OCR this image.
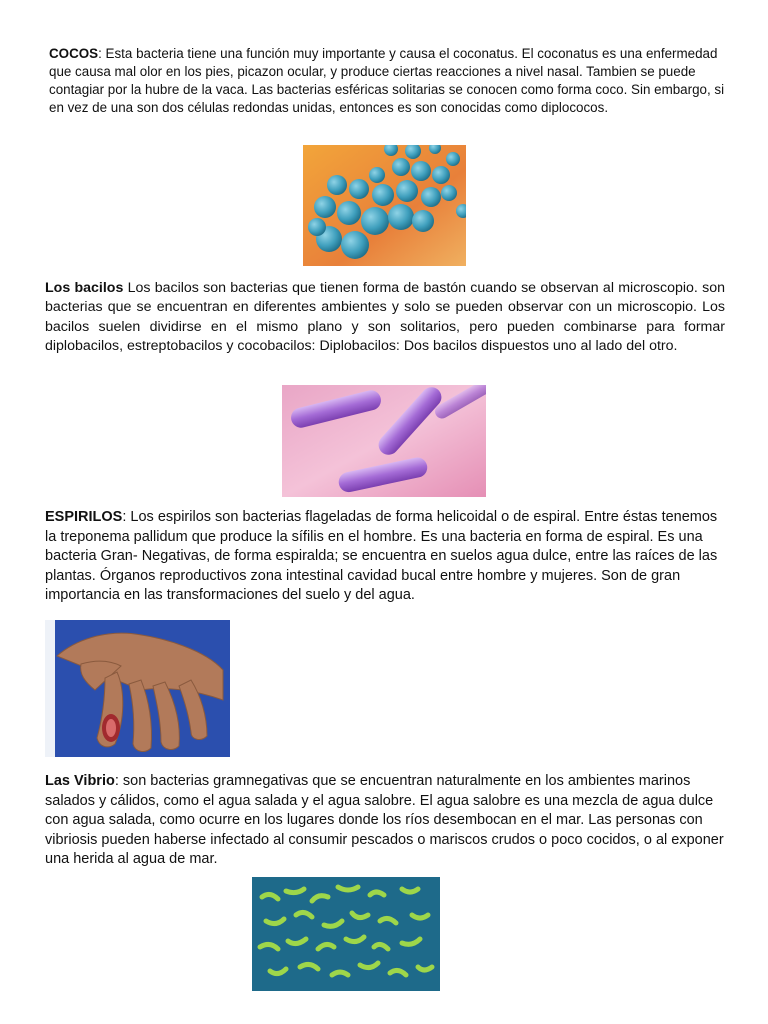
COCOS: Esta bacteria tiene una función muy importante y causa el coconatus. El coconatus es una enfermedad que causa mal olor en los pies, picazon ocular, y produce ciertas reacciones a nivel nasal. Tambien se puede contagiar por la hubre de la vaca. Las bacterias esféricas solitarias se conocen como forma coco. Sin embargo, si en vez de una son dos células redondas unidas, entonces es son conocidas como diplococos.

Los bacilos Los bacilos son bacterias que tienen forma de bastón cuando se observan al microscopio. son bacterias que se encuentran en diferentes ambientes y solo se pueden observar con un microscopio. Los bacilos suelen dividirse en el mismo plano y son solitarios, pero pueden combinarse para formar diplobacilos, estreptobacilos y cocobacilos: Diplobacilos: Dos bacilos dispuestos uno al lado del otro.

ESPIRILOS: Los espirilos son bacterias flageladas de forma helicoidal o de espiral. Entre éstas tenemos la treponema pallidum que produce la sífilis en el hombre. Es una bacteria en forma de espiral. Es una bacteria Gran- Negativas, de forma espiralda; se encuentra en suelos agua dulce, entre las raíces de las plantas. Órganos reproductivos zona intestinal cavidad bucal entre hombre y mujeres. Son de gran importancia en las transformaciones del suelo y del agua.

Las Vibrio: son bacterias gramnegativas que se encuentran naturalmente en los ambientes marinos salados y cálidos, como el agua salada y el agua salobre. El agua salobre es una mezcla de agua dulce con agua salada, como ocurre en los lugares donde los ríos desembocan en el mar. Las personas con vibriosis pueden haberse infectado al consumir pescados o mariscos crudos o poco cocidos, o al exponer una herida al agua de mar.
